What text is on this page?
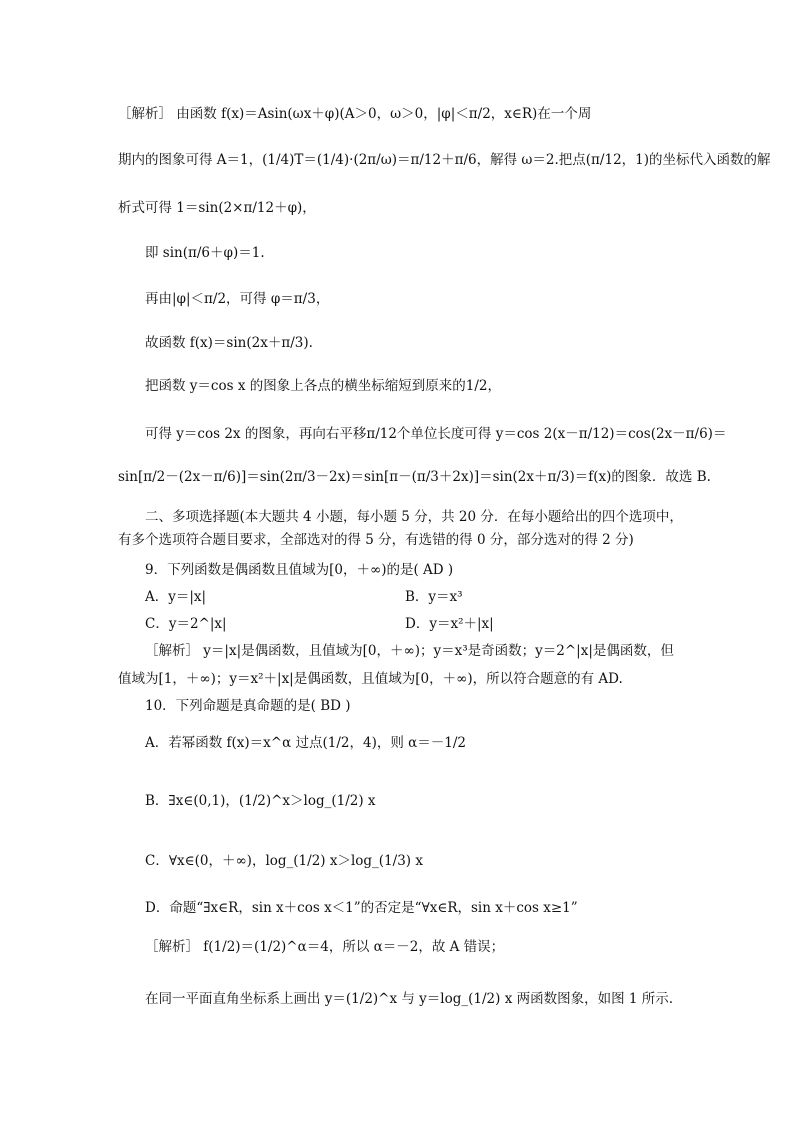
［解析］ 由函数 f(x)＝Asin(ωx＋φ)(A＞0，ω＞0，|φ|＜π/2，x∈R)在一个周
期内的图象可得 A＝1，(1/4)T＝(1/4)·(2π/ω)＝π/12＋π/6，解得 ω＝2.把点(π/12，1)的坐标代入函数的解
析式可得 1＝sin(2×π/12＋φ)，
即 sin(π/6＋φ)＝1.
再由|φ|＜π/2，可得 φ＝π/3，
故函数 f(x)＝sin(2x＋π/3).
把函数 y＝cos x 的图象上各点的横坐标缩短到原来的1/2，
可得 y＝cos 2x 的图象，再向右平移π/12个单位长度可得 y＝cos 2(x－π/12)＝cos(2x－π/6)＝
sin[π/2－(2x－π/6)]＝sin(2π/3－2x)＝sin[π－(π/3＋2x)]＝sin(2x＋π/3)＝f(x)的图象．故选 B.
二、多项选择题(本大题共 4 小题，每小题 5 分，共 20 分．在每小题给出的四个选项中，
有多个选项符合题目要求，全部选对的得 5 分，有选错的得 0 分，部分选对的得 2 分)
9．下列函数是偶函数且值域为[0，＋∞)的是( AD )
A．y＝|x|	B．y＝x³
C．y＝2^|x|	D．y＝x²＋|x|
［解析］ y＝|x|是偶函数，且值域为[0，＋∞)；y＝x³是奇函数；y＝2^|x|是偶函数，但
值域为[1，＋∞)；y＝x²＋|x|是偶函数，且值域为[0，＋∞)，所以符合题意的有 AD.
10．下列命题是真命题的是( BD )
A．若幂函数 f(x)＝x^α 过点(1/2，4)，则 α＝－1/2
B．∃x∈(0,1)，(1/2)^x＞log_(1/2) x
C．∀x∈(0，＋∞)，log_(1/2) x＞log_(1/3) x
D．命题“∃x∈R，sin x＋cos x＜1”的否定是“∀x∈R，sin x＋cos x≥1”
［解析］ f(1/2)＝(1/2)^α＝4，所以 α＝－2，故 A 错误；
在同一平面直角坐标系上画出 y＝(1/2)^x 与 y＝log_(1/2) x 两函数图象，如图 1 所示.
